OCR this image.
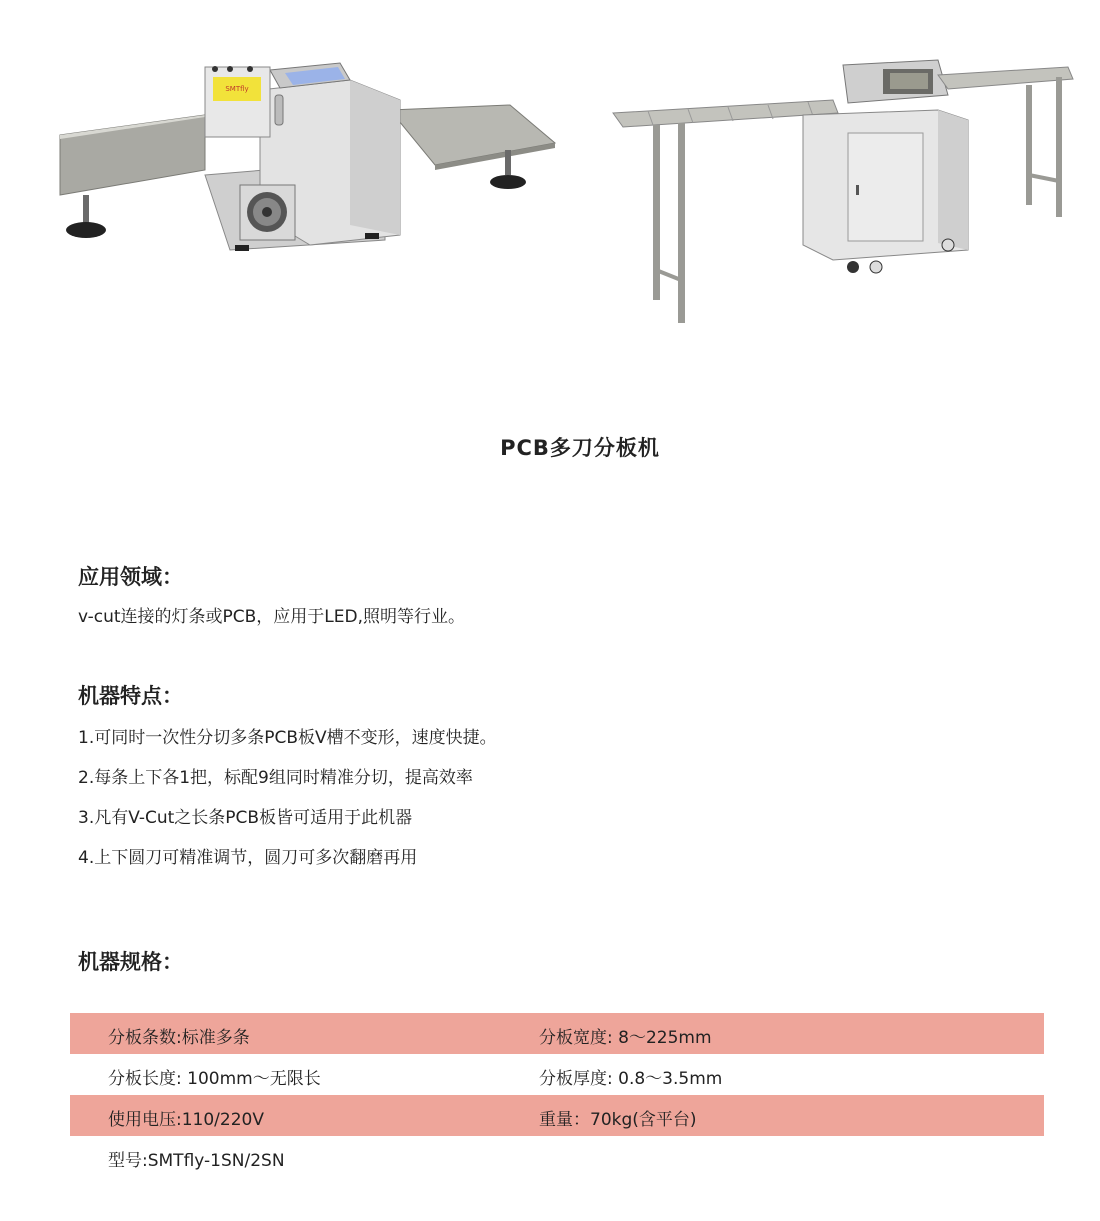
SMTfly
PCB多刀分板机
应用领域：
v-cut连接的灯条或PCB，应用于LED,照明等行业。
机器特点：
1.可同时一次性分切多条PCB板V槽不变形，速度快捷。
2.每条上下各1把，标配9组同时精准分切，提高效率
3.凡有V-Cut之长条PCB板皆可适用于此机器
4.上下圆刀可精准调节，圆刀可多次翻磨再用
机器规格：
分板条数:标准多条	分板宽度: 8～225mm
分板长度: 100mm～无限长	分板厚度: 0.8～3.5mm
使用电压:110/220V	重量：70kg(含平台)
型号:SMTfly-1SN/2SN
